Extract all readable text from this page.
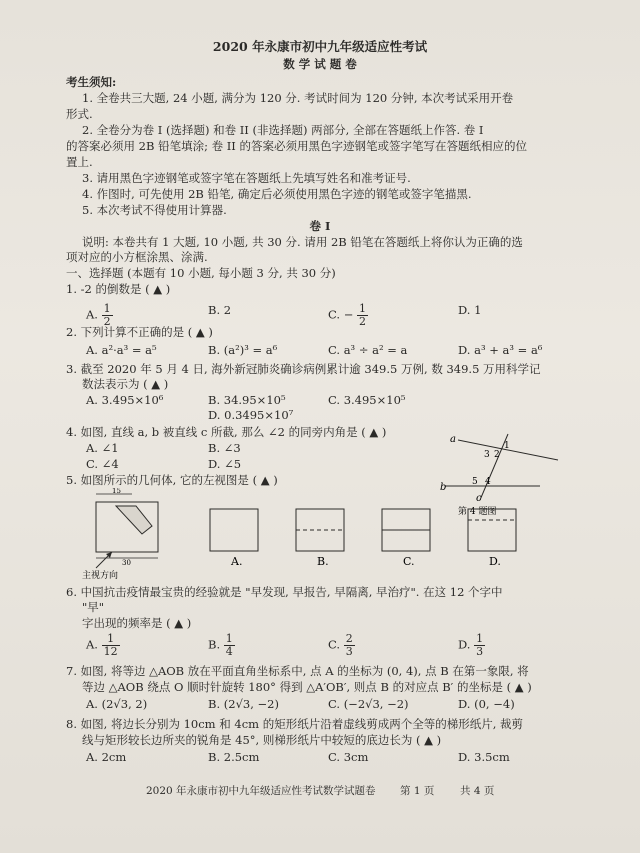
2020 年永康市初中九年级适应性考试
数 学 试 题 卷
考生须知:
1. 全卷共三大题, 24 小题, 满分为 120 分. 考试时间为 120 分钟, 本次考试采用开卷
形式.
2. 全卷分为卷 I (选择题) 和卷 II (非选择题) 两部分, 全部在答题纸上作答. 卷 I
的答案必须用 2B 铅笔填涂; 卷 II 的答案必须用黑色字迹钢笔或签字笔写在答题纸相应的位
置上.
3. 请用黑色字迹钢笔或签字笔在答题纸上先填写姓名和准考证号.
4. 作图时, 可先使用 2B 铅笔, 确定后必须使用黑色字迹的钢笔或签字笔描黑.
5. 本次考试不得使用计算器.
卷 I
说明: 本卷共有 1 大题, 10 小题, 共 30 分. 请用 2B 铅笔在答题纸上将你认为正确的选
项对应的小方框涂黑、涂满.
一、选择题 (本题有 10 小题, 每小题 3 分, 共 30 分)
1. -2 的倒数是 ( ▲ )
A. $\frac{1}{2}$	B. 2	C. − $\frac{1}{2}$	D. 1
2. 下列计算不正确的是 ( ▲ )
A. a²·a³ = a⁵	B. (a²)³ = a⁶	C. a³ ÷ a² = a	D. a³ + a³ = a⁶
3. 截至 2020 年 5 月 4 日, 海外新冠肺炎确诊病例累计逾 349.5 万例, 数 349.5 万用科学记
数法表示为 ( ▲ )
A. 3.495×10⁶	B. 34.95×10⁵	C. 3.495×10⁵
D. 0.3495×10⁷
4. 如图, 直线 a, b 被直线 c 所截, 那么 ∠2 的同旁内角是 ( ▲ )
A. ∠1	B. ∠3
C. ∠4	D. ∠5
a
b
c
1
2
3
4
5
第 4 题图
5. 如图所示的几何体, 它的左视图是 ( ▲ )
15
30
主视方向
A.	B.	C.	D.
6. 中国抗击疫情最宝贵的经验就是 "早发现, 早报告, 早隔离, 早治疗". 在这 12 个字中
"早"
字出现的频率是 ( ▲ )
A. $\frac{1}{12}$	B. $\frac{1}{4}$	C. $\frac{2}{3}$	D. $\frac{1}{3}$
7. 如图, 将等边 △AOB 放在平面直角坐标系中, 点 A 的坐标为 (0, 4), 点 B 在第一象限, 将
等边 △AOB 绕点 O 顺时针旋转 180° 得到 △A′OB′, 则点 B 的对应点 B′ 的坐标是 ( ▲ )
A. (2√3, 2)	B. (2√3, −2)	C. (−2√3, −2)	D. (0, −4)
8. 如图, 将边长分别为 10cm 和 4cm 的矩形纸片沿着虚线剪成两个全等的梯形纸片, 裁剪
线与矩形较长边所夹的锐角是 45°, 则梯形纸片中较短的底边长为 ( ▲ )
A. 2cm	B. 2.5cm	C. 3cm	D. 3.5cm
2020 年永康市初中九年级适应性考试数学试题卷 第 1 页 共 4 页
